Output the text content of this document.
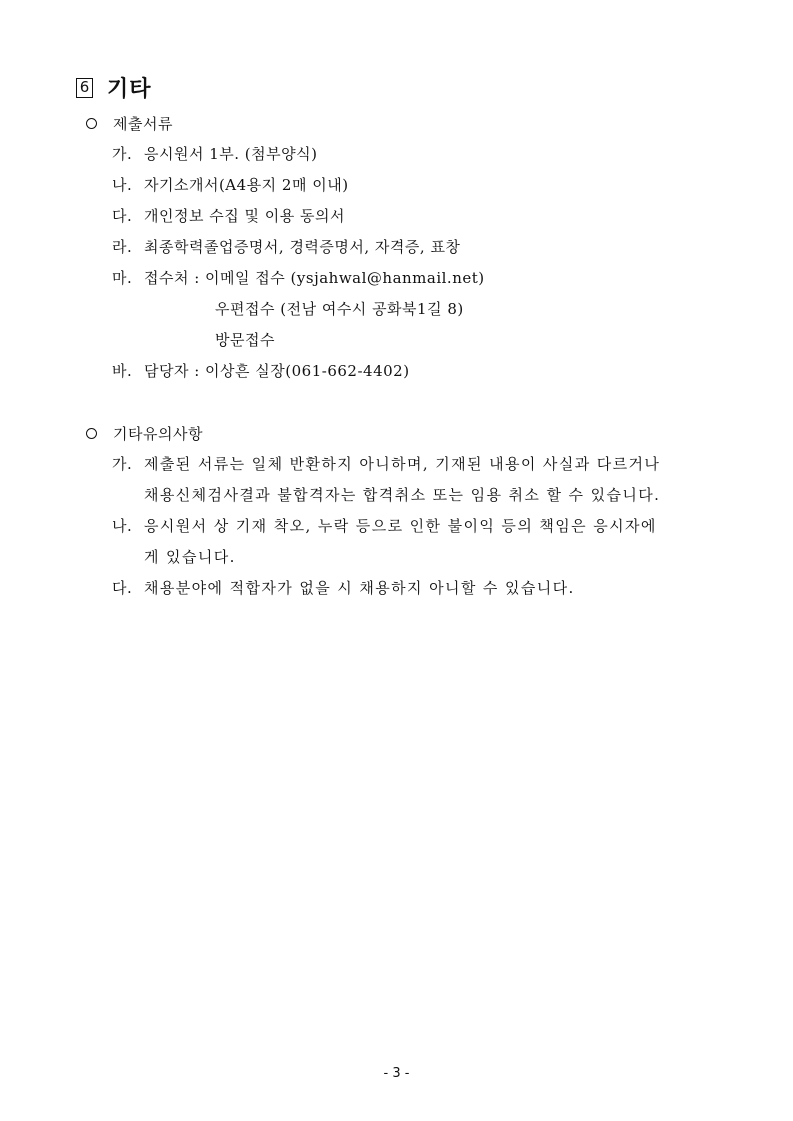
6 기타
제출서류
가. 응시원서 1부. (첨부양식)
나. 자기소개서(A4용지 2매 이내)
다. 개인정보 수집 및 이용 동의서
라. 최종학력졸업증명서, 경력증명서, 자격증, 표창
마. 접수처 : 이메일 접수 (ysjahwal@hanmail.net)
우편접수 (전남 여수시 공화북1길 8)
방문접수
바. 담당자 : 이상흔 실장(061-662-4402)
기타유의사항
가. 제출된 서류는 일체 반환하지 아니하며, 기재된 내용이 사실과 다르거나
채용신체검사결과 불합격자는 합격취소 또는 임용 취소 할 수 있습니다.
나. 응시원서 상 기재 착오, 누락 등으로 인한 불이익 등의 책임은 응시자에
게 있습니다.
다. 채용분야에 적합자가 없을 시 채용하지 아니할 수 있습니다.
- 3 -
